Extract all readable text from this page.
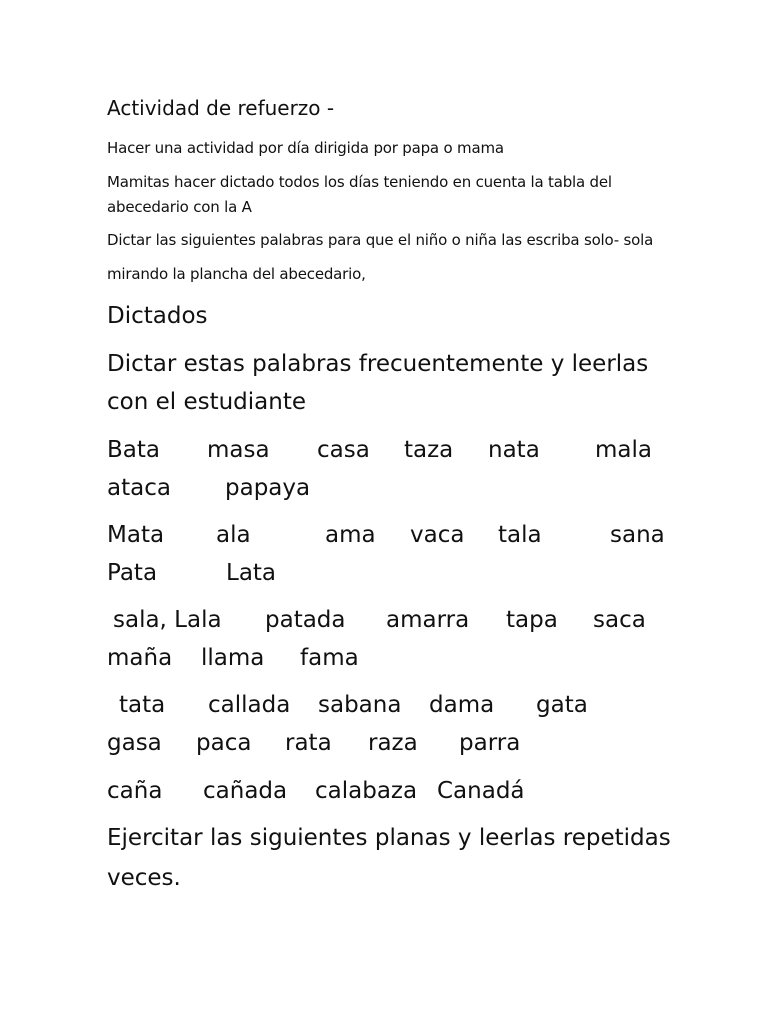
Actividad de refuerzo -
Hacer una actividad por día dirigida por papa o mama
Mamitas hacer dictado todos los días teniendo en cuenta la tabla del
abecedario con la A
Dictar las siguientes palabras para que el niño o niña las escriba solo- sola
mirando la plancha del abecedario,
Dictados
Dictar estas palabras frecuentemente y leerlas
con el estudiante
Bata masa casa taza nata mala
ataca papaya
Mata ala	ama vaca tala	sana
Pata	Lata
sala, Lala patada amarra tapa saca
maña llama fama
tata callada sabana dama gata
gasa paca rata raza parra
caña cañada calabaza Canadá
Ejercitar las siguientes planas y leerlas repetidas
veces.
